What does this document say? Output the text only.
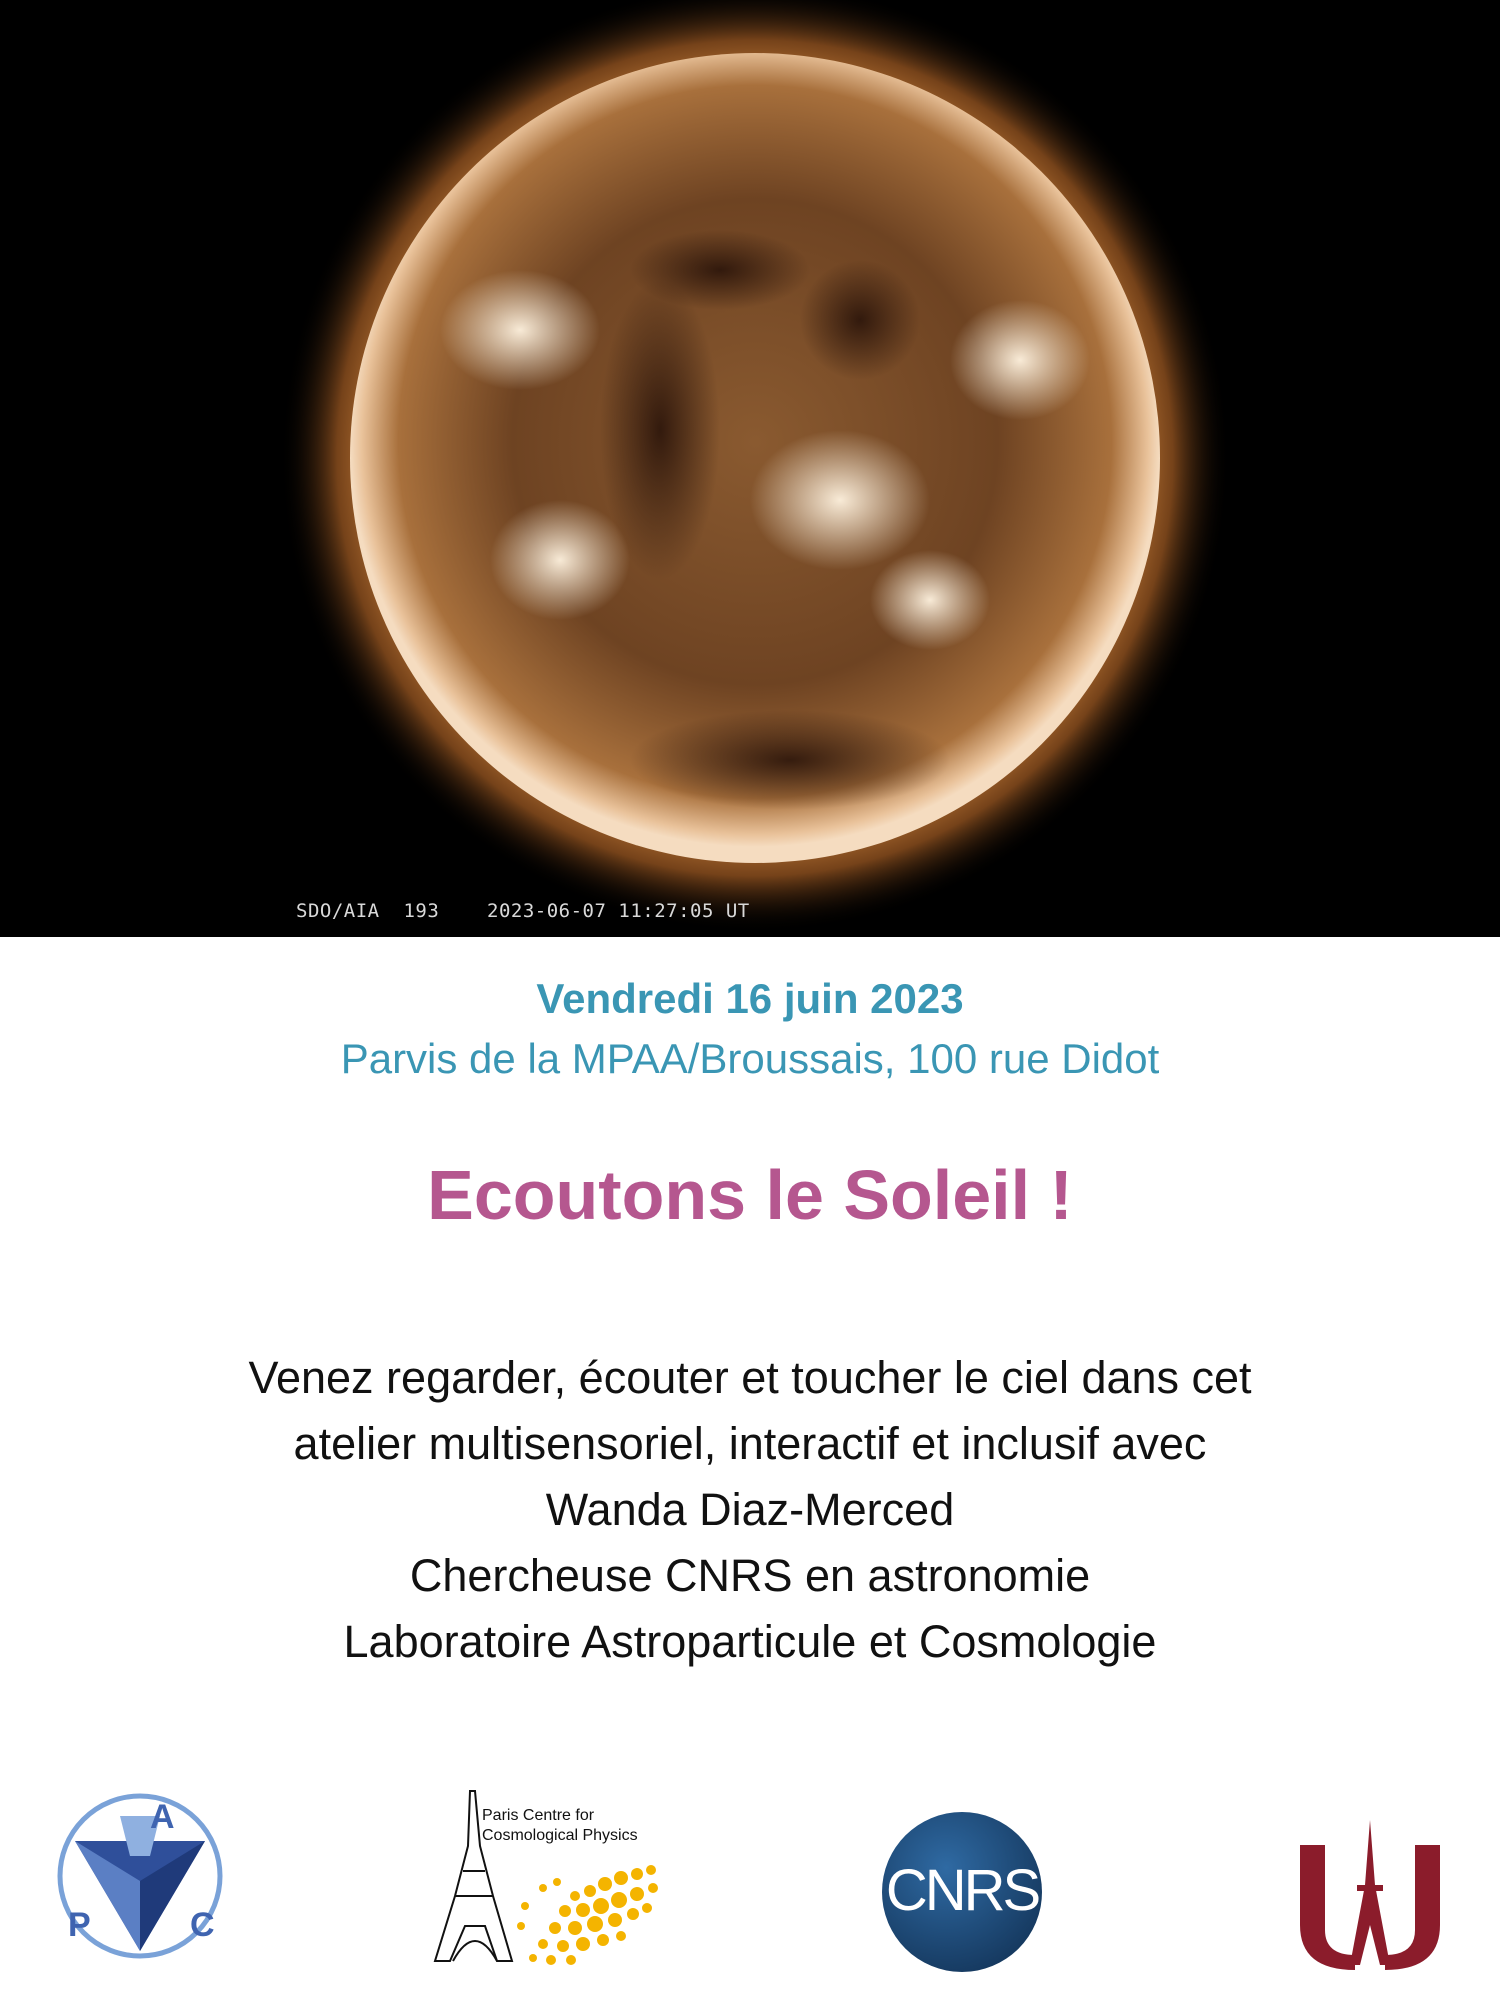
SDO/AIA  193	2023-06-07 11:27:05 UT
Vendredi 16 juin 2023
Parvis de la MPAA/Broussais, 100 rue Didot
Ecoutons le Soleil !
Venez regarder, écouter et toucher le ciel dans cet
atelier multisensoriel, interactif et inclusif avec
Wanda Diaz-Merced
Chercheuse CNRS en astronomie
Laboratoire Astroparticule et Cosmologie
A
P	C
Paris Centre for
Cosmological Physics
CNRS
